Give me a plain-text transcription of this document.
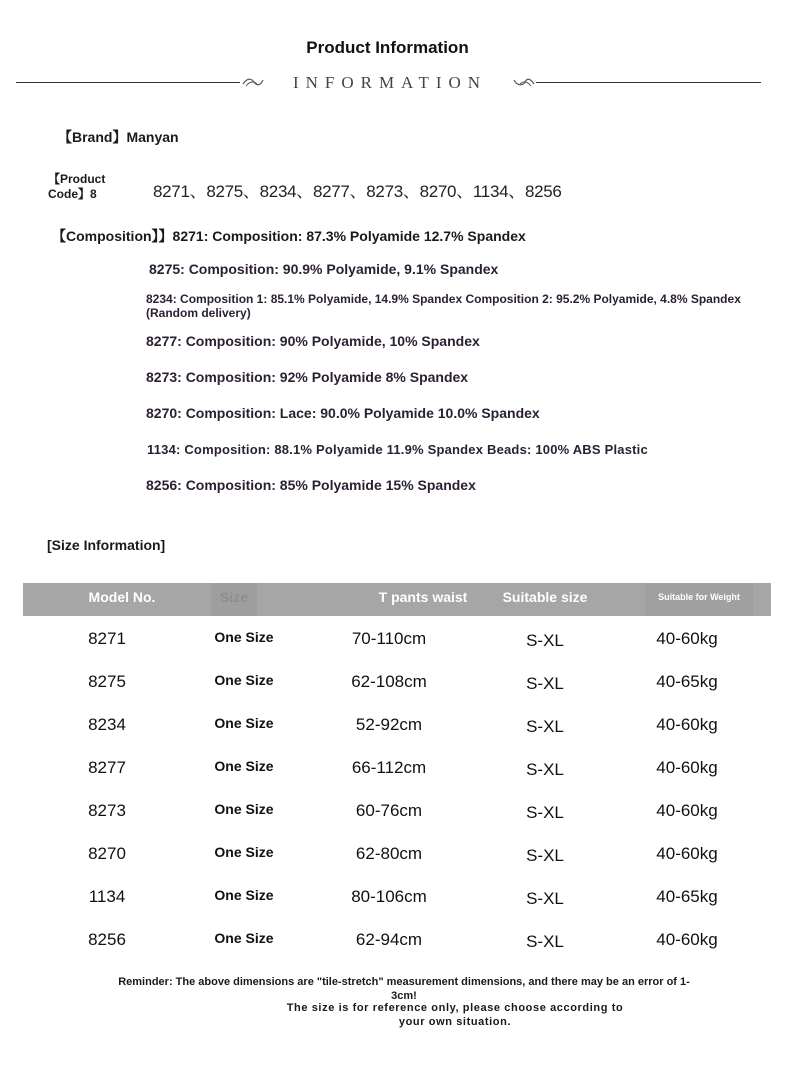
Product Information
INFORMATION
【Brand】Manyan
【Product Code】8	8271、8275、8234、8277、8273、8270、1134、8256
【Composition】】8271: Composition: 87.3% Polyamide 12.7% Spandex
8275: Composition: 90.9% Polyamide, 9.1% Spandex
8234: Composition 1: 85.1% Polyamide, 14.9% Spandex Composition 2: 95.2% Polyamide, 4.8% Spandex (Random delivery)
8277: Composition: 90% Polyamide, 10% Spandex
8273: Composition: 92% Polyamide 8% Spandex
8270: Composition: Lace: 90.0% Polyamide 10.0% Spandex
1134: Composition: 88.1% Polyamide 11.9% Spandex Beads: 100% ABS Plastic
8256: Composition: 85% Polyamide 15% Spandex
[Size Information]
Model No.	Size	T pants waist	Suitable size	Suitable for Weight
8271	One Size	70-110cm	S-XL	40-60kg
8275	One Size	62-108cm	S-XL	40-65kg
8234	One Size	52-92cm	S-XL	40-60kg
8277	One Size	66-112cm	S-XL	40-60kg
8273	One Size	60-76cm	S-XL	40-60kg
8270	One Size	62-80cm	S-XL	40-60kg
1134	One Size	80-106cm	S-XL	40-65kg
8256	One Size	62-94cm	S-XL	40-60kg
Reminder: The above dimensions are "tile-stretch" measurement dimensions, and there may be an error of 1-3cm!
The size is for reference only, please choose according to your own situation.
